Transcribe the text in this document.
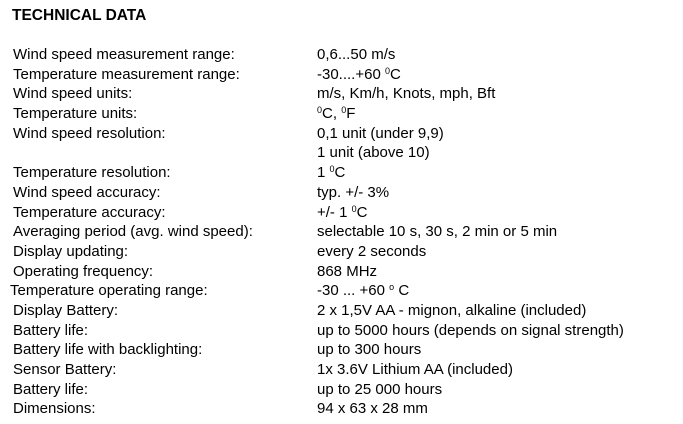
TECHNICAL DATA
Wind speed measurement range:	0,6...50 m/s
Temperature measurement range:	-30....+60 $^0$C
Wind speed units:	m/s, Km/h, Knots, mph, Bft
Temperature units:	$^0$C, $^0$F
Wind speed resolution:	0,1 unit (under 9,9)
1 unit (above 10)
Temperature resolution:	1 $^0$C
Wind speed accuracy:	typ. +/- 3%
Temperature accuracy:	+/- 1 $^0$C
Averaging period (avg. wind speed):	selectable 10 s, 30 s, 2 min or 5 min
Display updating:	every 2 seconds
Operating frequency:	868 MHz
Temperature operating range:	-30 ... +60 $^o$ C
Display Battery:	2 x 1,5V AA - mignon, alkaline (included)
Battery life:	up to 5000 hours (depends on signal strength)
Battery life with backlighting:	up to 300 hours
Sensor Battery:	1x 3.6V Lithium AA (included)
Battery life:	up to 25 000 hours
Dimensions:	94 x 63 x 28 mm
